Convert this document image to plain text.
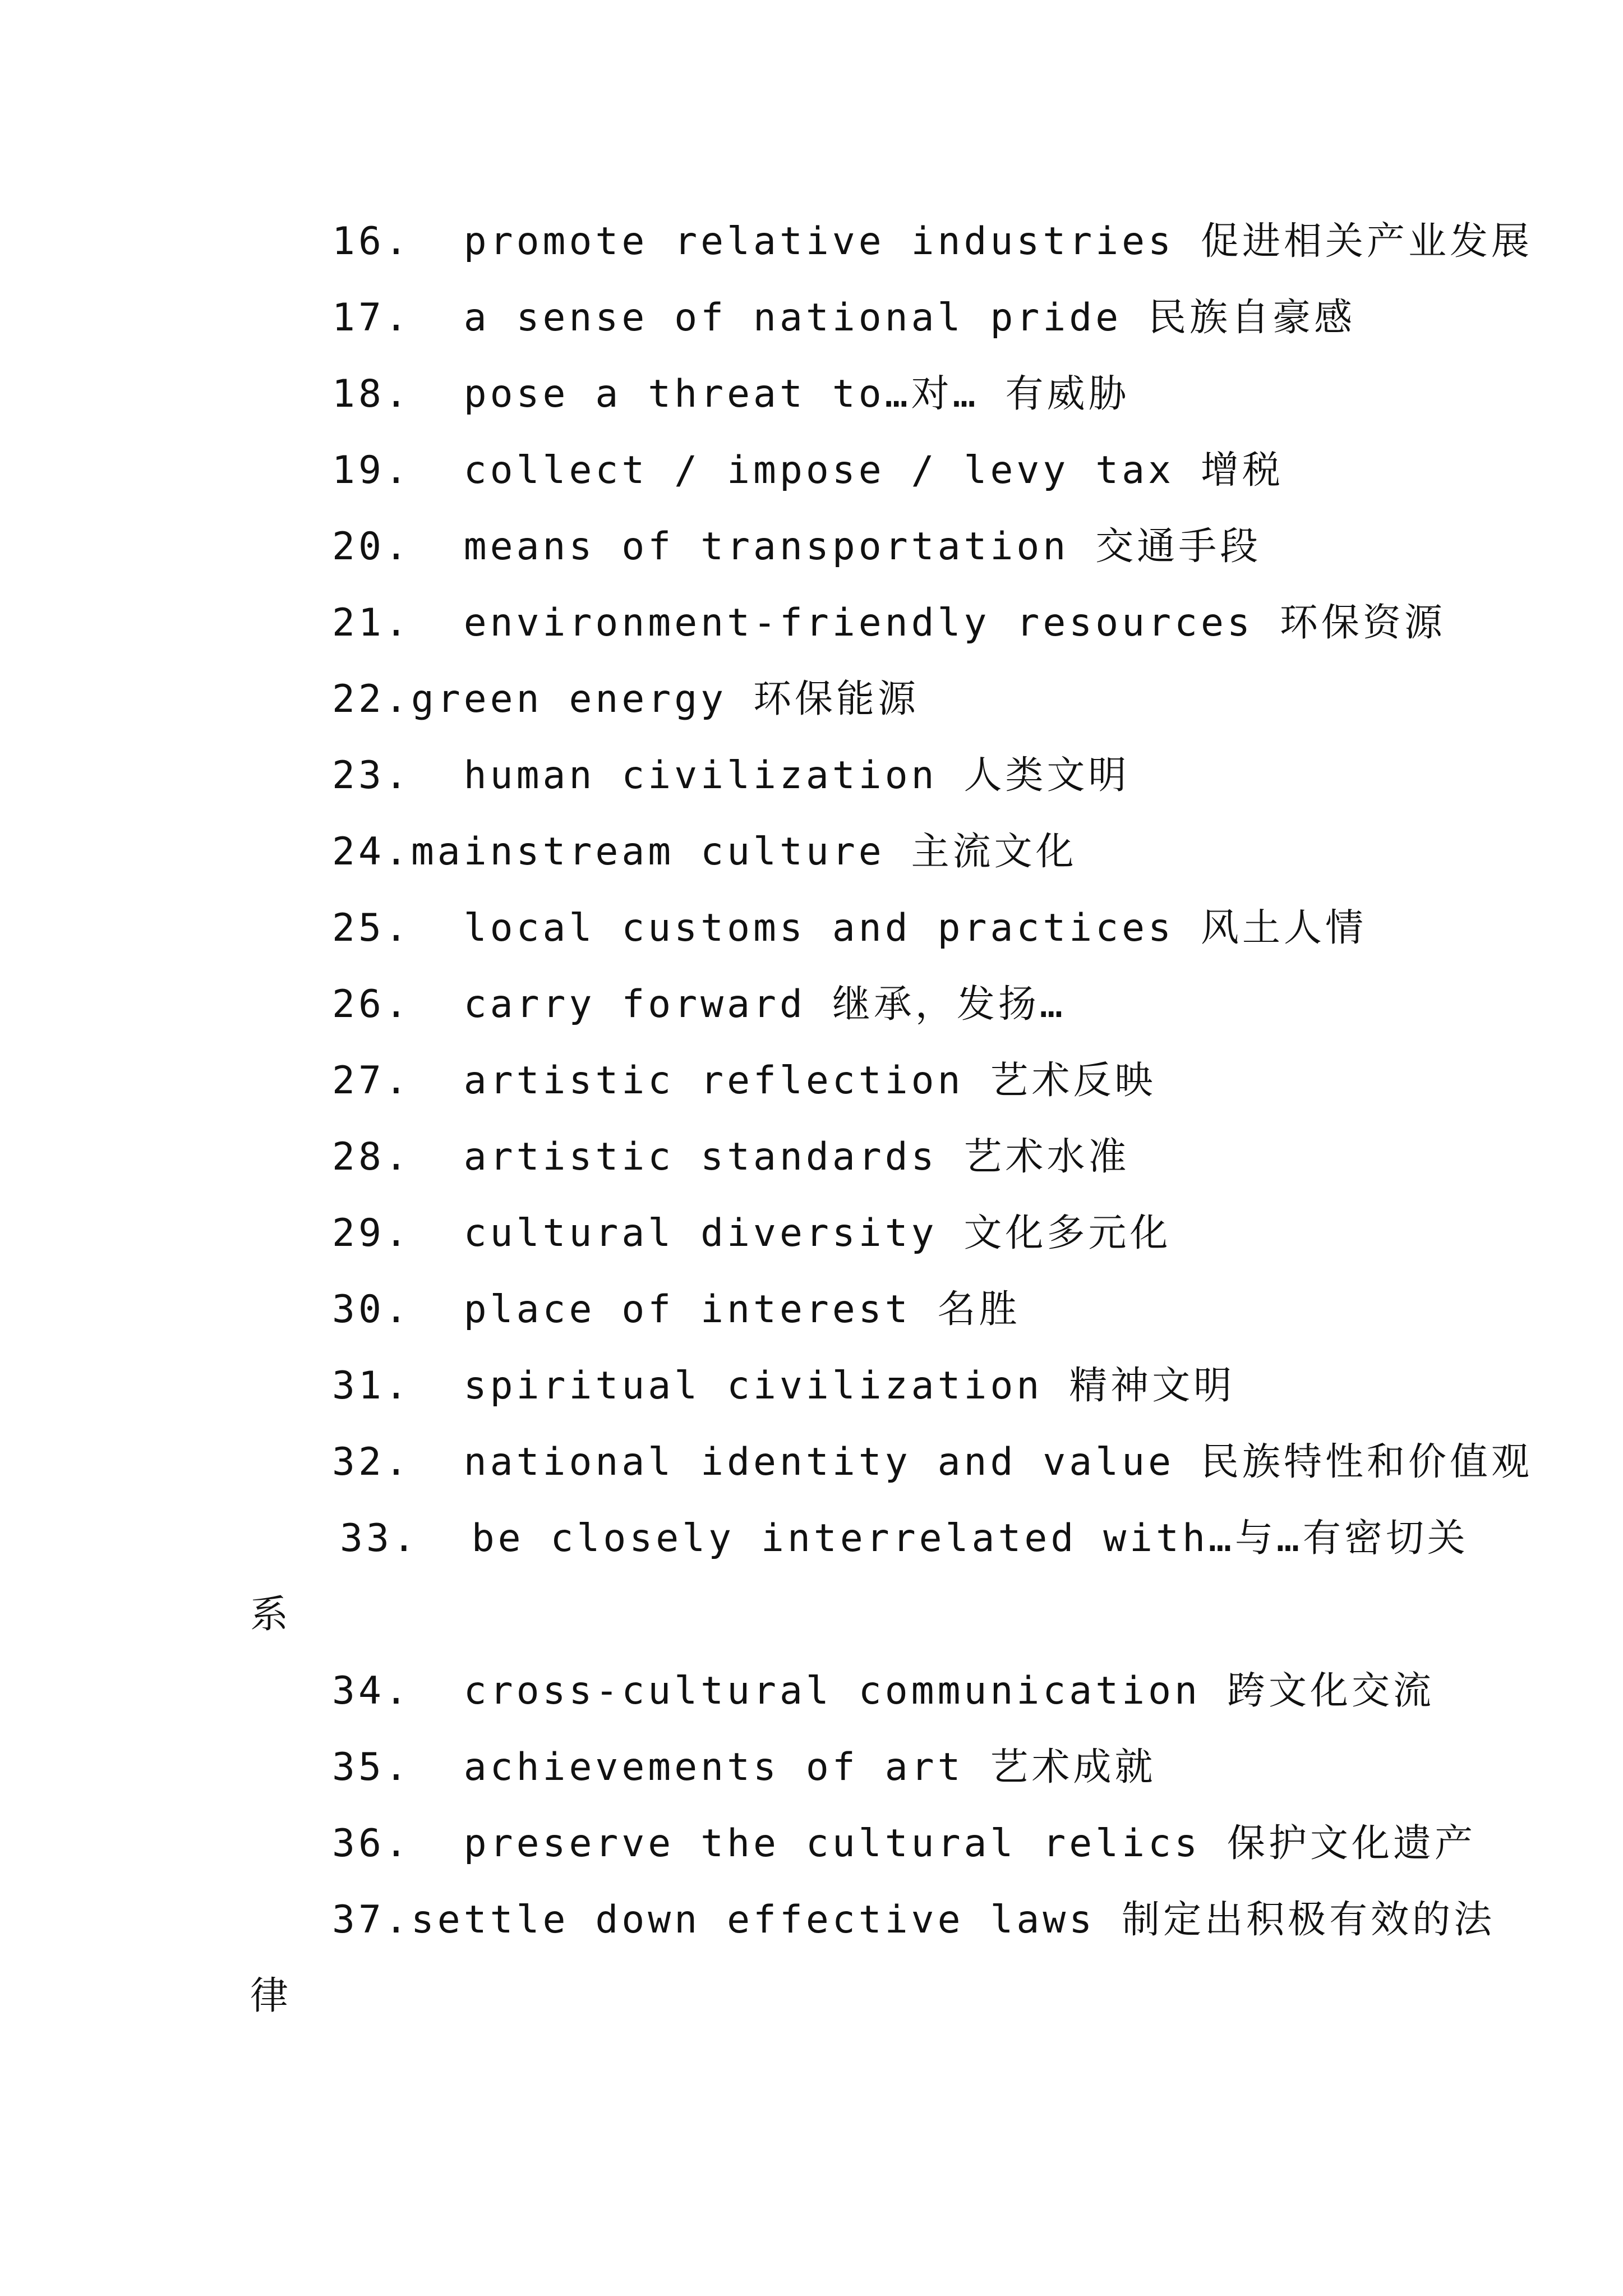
16.  promote relative industries 促进相关产业发展
17.  a sense of national pride 民族自豪感
18.  pose a threat to…对… 有威胁
19.  collect / impose / levy tax 增税
20.  means of transportation 交通手段
21.  environment-friendly resources 环保资源
22.green energy 环保能源
23.  human civilization 人类文明
24.mainstream culture 主流文化
25.  local customs and practices 风土人情
26.  carry forward 继承，发扬…
27.  artistic reflection 艺术反映
28.  artistic standards 艺术水准
29.  cultural diversity 文化多元化
30.  place of interest 名胜
31.  spiritual civilization 精神文明
32.  national identity and value 民族特性和价值观
33.  be closely interrelated with…与…有密切关
系
34.  cross-cultural communication 跨文化交流
35.  achievements of art 艺术成就
36.  preserve the cultural relics 保护文化遗产
37.settle down effective laws 制定出积极有效的法
律
